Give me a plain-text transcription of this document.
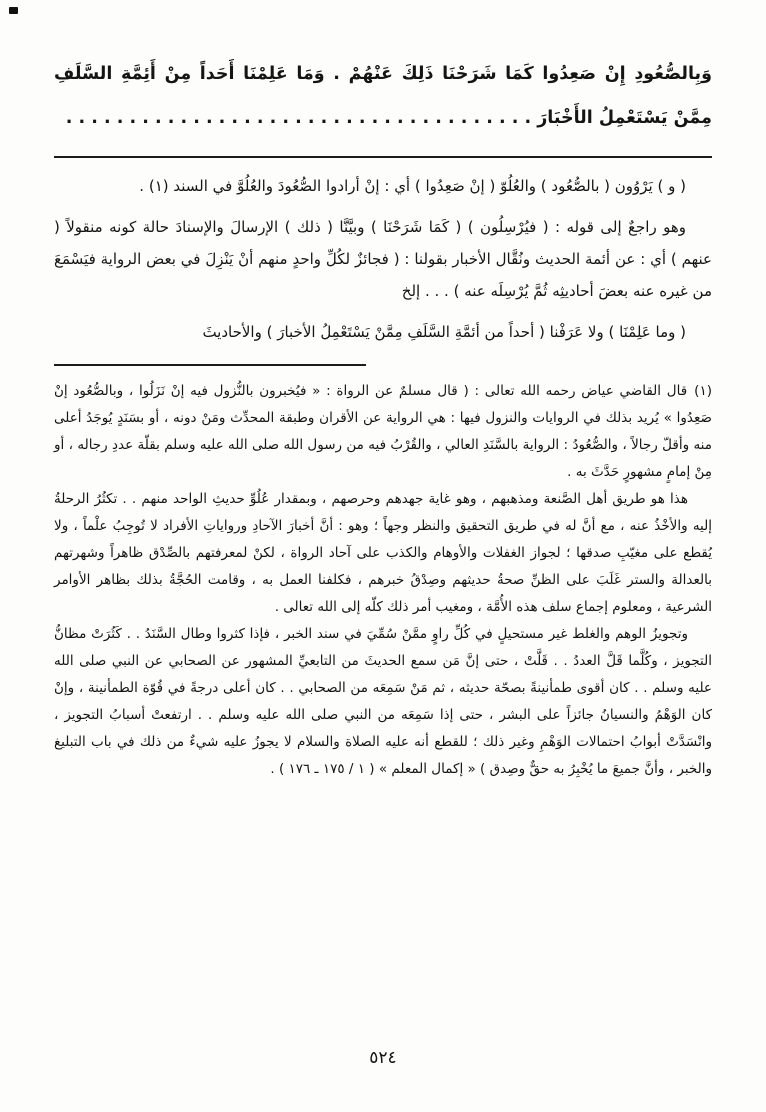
وَبِالصُّعُودِ إِنْ صَعِدُوا كَمَا شَرَحْنَا ذَلِكَ عَنْهُمْ . وَمَا عَلِمْنَا أَحَداً مِنْ أَئِمَّةِ السَّلَفِ

مِمَّنْ يَسْتَعْمِلُ الأَخْبَارَ . . . . . . . . . . . . . . . . . . . . . . . . . . . . . . . . . . . . .

( و ) يَرْوُون ( بالصُّعُود ) والعُلُوّ ( إنْ صَعِدُوا ) أي : إنْ أرادوا الصُّعُودَ والعُلُوَّ في السند (١) .

وهو راجعٌ إلى قوله : ( فيُرْسِلُون ) ( كَمَا شَرَحْنَا ) وبيَّنَّا ( ذلك ) الإرسالَ والإسنادَ حالة كونه منقولاً ( عنهم ) أي : عن أئمة الحديث ونُقَّال الأخبار بقولنا : ( فجائزٌ لكُلِّ واحدٍ منهم أنْ يَنْزِلَ في بعض الرواية فيَسْمَعَ من غيره عنه بعضَ أحاديثِه ثُمَّ يُرْسِلَه عنه ) . . . إلخ

( وما عَلِمْنَا ) ولا عَرَفْنا ( أحداً من أئمَّةِ السَّلَفِ مِمَّنْ يَسْتَعْمِلُ الأخبارَ ) والأحاديثَ

(١)قال القاضي عياض رحمه الله تعالى : ( قال مسلمٌ عن الرواة : « فيُخبرون بالنُّزول فيه إنْ نَزَلُوا ، وبالصُّعُود إنْ صَعِدُوا » يُريد بذلك في الروايات والنزول فيها : هي الرواية عن الأقران وطبقة المحدِّث ومَنْ دونه ، أو بسَنَدٍ يُوجَدُ أعلى منه وأقلّ رجالاً ، والصُّعُودُ : الرواية بالسَّنَدِ العالي ، والقُرْبُ فيه من رسول الله صلى الله عليه وسلم بقلّة عددِ رجاله ، أو مِنْ إمامٍ مشهورٍ حَدَّثَ به .

هذا هو طريق أهل الصَّنعة ومذهبهم ، وهو غاية جهدهم وحرصهم ، وبمقدار عُلُوِّ حديثِ الواحد منهم . . تكثُرُ الرحلةُ إليه والأخْذُ عنه ، مع أنَّ له في طريق التحقيق والنظر وجهاً ؛ وهو : أنَّ أخبارَ الآحادِ ورواياتِ الأفراد لا تُوجِبُ علْماً ، ولا يُقطع على مغيّبِ صدقها ؛ لجواز الغفلات والأوهام والكذب على آحاد الرواة ، لكنْ لمعرفتهم بالصِّدْق ظاهراً وشهرتهم بالعدالة والستر غَلَبَ على الظنِّ صحةُ حديثهم وصِدْقُ خبرهم ، فكلفنا العمل به ، وقامت الحُجَّةُ بذلك بظاهر الأوامر الشرعية ، ومعلوم إجماع سلف هذه الأُمَّة ، ومغيب أمر ذلك كلّه إلى الله تعالى .

وتجويزُ الوهم والغلط غير مستحيلٍ في كُلِّ راوٍ ممَّنْ سُمِّيَ في سند الخبر ، فإذا كثروا وطال السَّنَدُ . . كَثُرَتْ مظانُّ التجويز ، وكُلَّما قَلَّ العددُ . . قَلَّتْ ، حتى إنَّ مَن سمع الحديثَ من التابعيِّ المشهور عن الصحابي عن النبي صلى الله عليه وسلم . . كان أقوى طمأنينةً بصحّة حديثه ، ثم مَنْ سَمِعَه من الصحابي . . كان أعلى درجةً في قُوّة الطمأنينة ، وإنْ كان الوَهْمُ والنسيانُ جائزاً على البشر ، حتى إذا سَمِعَه من النبي صلى الله عليه وسلم . . ارتفعتْ أسبابُ التجويز ، وانْسَدَّتْ أبوابُ احتمالات الوَهْمِ وغير ذلك ؛ للقطع أنه عليه الصلاة والسلام لا يجوزُ عليه شيءٌ من ذلك في باب التبليغ والخبر ، وأنَّ جميعَ ما يُخْبِرُ به حقٌّ وصِدق ) « إكمال المعلم » ( ١ / ١٧٥ ـ ١٧٦ ) .

٥٢٤
